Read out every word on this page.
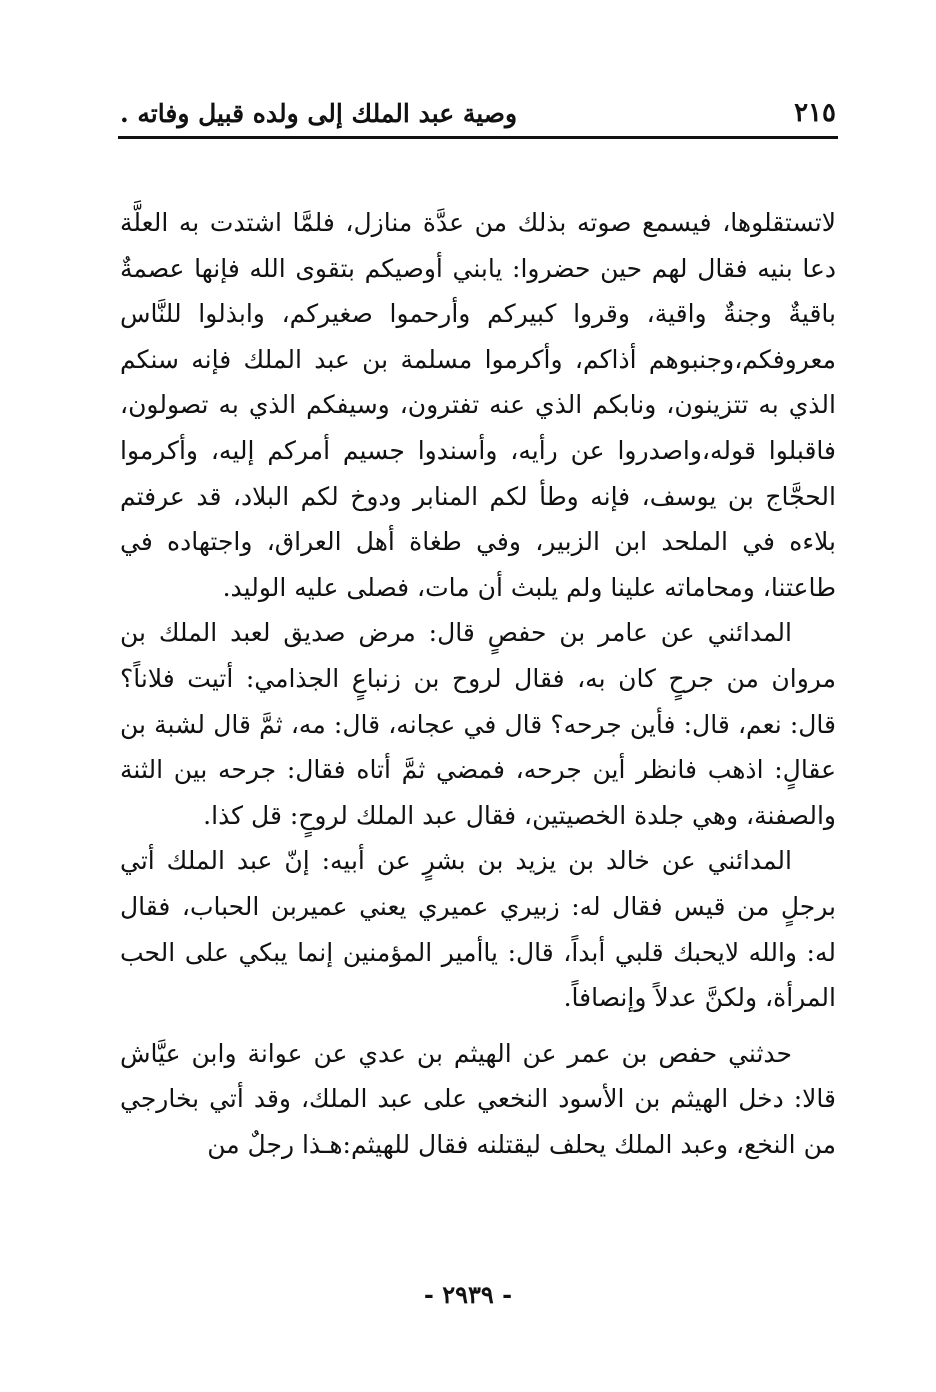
وصية عبد الملك إلى ولده قبيل وفاته .	٢١٥

لاتستقلوها، فيسمع صوته بذلك من عدَّة منازل، فلمَّا اشتدت به العلَّة دعا بنيه فقال لهم حين حضروا: يابني أوصيكم بتقوى الله فإنها عصمةٌ باقيةٌ وجنةٌ واقية، وقروا كبيركم وأرحموا صغيركم، وابذلوا للنَّاس معروفكم،وجنبوهم أذاكم، وأكرموا مسلمة بن عبد الملك فإنه سنكم الذي به تتزينون، ونابكم الذي عنه تفترون، وسيفكم الذي به تصولون، فاقبلوا قوله،واصدروا عن رأيه، وأسندوا جسيم أمركم إليه، وأكرموا الحجَّاج بن يوسف، فإنه وطأ لكم المنابر ودوخ لكم البلاد، قد عرفتم بلاءه في الملحد ابن الزبير، وفي طغاة أهل العراق، واجتهاده في طاعتنا، ومحاماته علينا ولم يلبث أن مات، فصلى عليه الوليد.

المدائني عن عامر بن حفصٍ قال: مرض صديق لعبد الملك بن مروان من جرحٍ كان به، فقال لروح بن زنباعٍ الجذامي: أتيت فلاناً؟ قال: نعم، قال: فأين جرحه؟ قال في عجانه، قال: مه، ثمَّ قال لشبة بن عقالٍ: اذهب فانظر أين جرحه، فمضي ثمَّ أتاه فقال: جرحه بين الثنة والصفنة، وهي جلدة الخصيتين، فقال عبد الملك لروحٍ: قل كذا.

المدائني عن خالد بن يزيد بن بشرٍ عن أبيه: إنّ عبد الملك أتي برجلٍ من قيس فقال له: زبيري عميري يعني عميربن الحباب، فقال له: والله لايحبك قلبي أبداً، قال: ياأمير المؤمنين إنما يبكي على الحب المرأة، ولكنَّ عدلاً وإنصافاً.

حدثني حفص بن عمر عن الهيثم بن عدي عن عوانة وابن عيَّاش قالا: دخل الهيثم بن الأسود النخعي على عبد الملك، وقد أتي بخارجي من النخع، وعبد الملك يحلف ليقتلنه فقال للهيثم:هـذا رجلٌ من

- ٢٩٣٩ -
